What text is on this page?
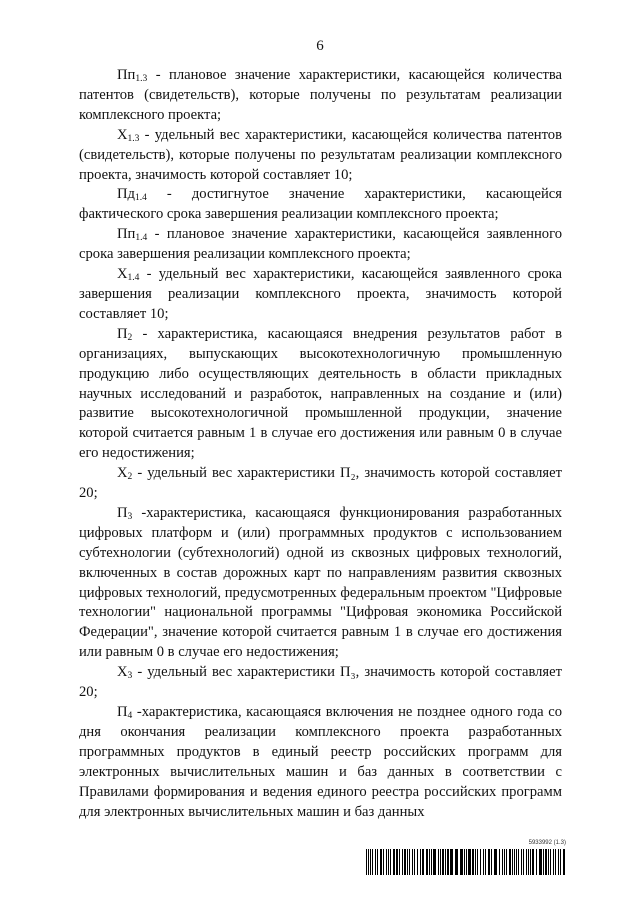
6

$Пп_{1.3}$ - плановое значение характеристики, касающейся количества патентов (свидетельств), которые получены по результатам реализации комплексного проекта;

$Х_{1.3}$ - удельный вес характеристики, касающейся количества патентов (свидетельств), которые получены по результатам реализации комплексного проекта, значимость которой составляет 10;

$Пд_{1.4}$ - достигнутое значение характеристики, касающейся фактического срока завершения реализации комплексного проекта;

$Пп_{1.4}$ - плановое значение характеристики, касающейся заявленного срока завершения реализации комплексного проекта;

$Х_{1.4}$ - удельный вес характеристики, касающейся заявленного срока завершения реализации комплексного проекта, значимость которой составляет 10;

$П_2$ - характеристика, касающаяся внедрения результатов работ в организациях, выпускающих высокотехнологичную промышленную продукцию либо осуществляющих деятельность в области прикладных научных исследований и разработок, направленных на создание и (или) развитие высокотехнологичной промышленной продукции, значение которой считается равным 1 в случае его достижения или равным 0 в случае его недостижения;

$Х_2$ - удельный вес характеристики П₂, значимость которой составляет 20;

$П_3$ -характеристика, касающаяся функционирования разработанных цифровых платформ и (или) программных продуктов с использованием субтехнологии (субтехнологий) одной из сквозных цифровых технологий, включенных в состав дорожных карт по направлениям развития сквозных цифровых технологий, предусмотренных федеральным проектом "Цифровые технологии" национальной программы "Цифровая экономика Российской Федерации", значение которой считается равным 1 в случае его достижения или равным 0 в случае его недостижения;

$Х_3$ - удельный вес характеристики П₃, значимость которой составляет 20;

$П_4$ -характеристика, касающаяся включения не позднее одного года со дня окончания реализации комплексного проекта разработанных программных продуктов в единый реестр российских программ для электронных вычислительных машин и баз данных в соответствии с Правилами формирования и ведения единого реестра российских программ для электронных вычислительных машин и баз данных

5933992 (1.3)
